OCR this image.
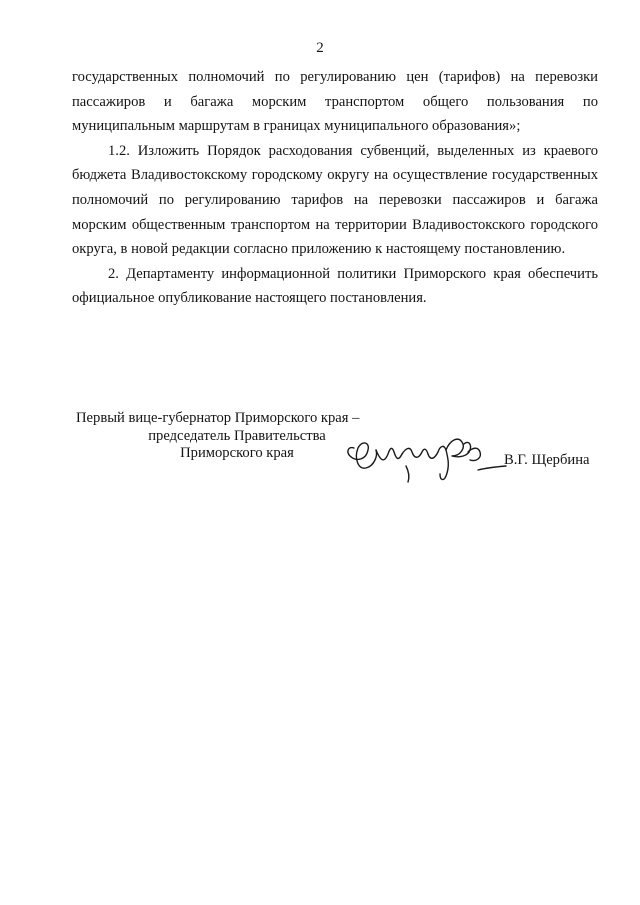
2

государственных полномочий по регулированию цен (тарифов) на перевозки пассажиров и багажа морским транспортом общего пользования по муниципальным маршрутам в границах муниципального образования»;

1.2. Изложить Порядок расходования субвенций, выделенных из краевого бюджета Владивостокскому городскому округу на осуществление государственных полномочий по регулированию тарифов на перевозки пассажиров и багажа морским общественным транспортом на территории Владивостокского городского округа, в новой редакции согласно приложению к настоящему постановлению.

2. Департаменту информационной политики Приморского края обеспечить официальное опубликование настоящего постановления.

Первый вице-губернатор Приморского края –
председатель Правительства
Приморского края	В.Г. Щербина
